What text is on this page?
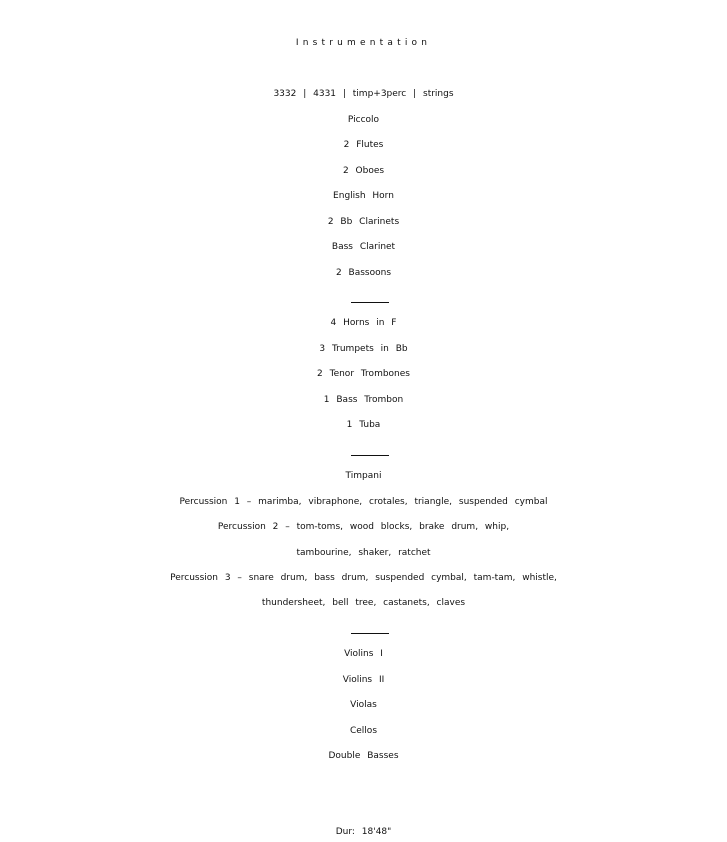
Instrumentation
3332 | 4331 | timp+3perc | strings
Piccolo
2 Flutes
2 Oboes
English Horn
2 Bb Clarinets
Bass Clarinet
2 Bassoons
4 Horns in F
3 Trumpets in Bb
2 Tenor Trombones
1 Bass Trombon
1 Tuba
Timpani
Percussion 1 – marimba, vibraphone, crotales, triangle, suspended cymbal
Percussion 2 – tom-toms, wood blocks, brake drum, whip,
tambourine, shaker, ratchet
Percussion 3 – snare drum, bass drum, suspended cymbal, tam-tam, whistle,
thundersheet, bell tree, castanets, claves
Violins I
Violins II
Violas
Cellos
Double Basses
Dur: 18'48"
